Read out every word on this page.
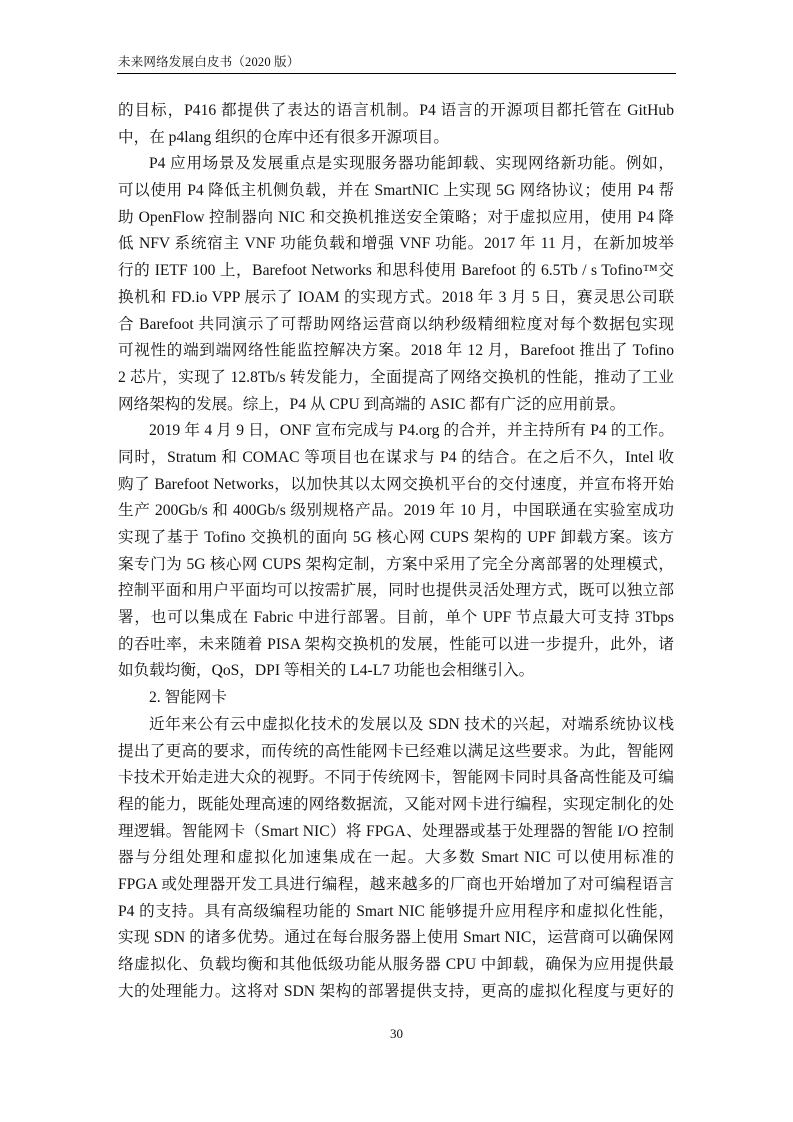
未来网络发展白皮书（2020 版）
的目标，P416 都提供了表达的语言机制。P4 语言的开源项目都托管在 GitHub
中，在 p4lang 组织的仓库中还有很多开源项目。
P4 应用场景及发展重点是实现服务器功能卸载、实现网络新功能。例如，
可以使用 P4 降低主机侧负载，并在 SmartNIC 上实现 5G 网络协议；使用 P4 帮
助 OpenFlow 控制器向 NIC 和交换机推送安全策略；对于虚拟应用，使用 P4 降
低 NFV 系统宿主 VNF 功能负载和增强 VNF 功能。2017 年 11 月，在新加坡举
行的 IETF 100 上，Barefoot Networks 和思科使用 Barefoot 的 6.5Tb / s Tofino™交
换机和 FD.io VPP 展示了 IOAM 的实现方式。2018 年 3 月 5 日，赛灵思公司联
合 Barefoot 共同演示了可帮助网络运营商以纳秒级精细粒度对每个数据包实现
可视性的端到端网络性能监控解决方案。2018 年 12 月，Barefoot 推出了 Tofino
2 芯片，实现了 12.8Tb/s 转发能力，全面提高了网络交换机的性能，推动了工业
网络架构的发展。综上，P4 从 CPU 到高端的 ASIC 都有广泛的应用前景。
2019 年 4 月 9 日，ONF 宣布完成与 P4.org 的合并，并主持所有 P4 的工作。
同时，Stratum 和 COMAC 等项目也在谋求与 P4 的结合。在之后不久，Intel 收
购了 Barefoot Networks，以加快其以太网交换机平台的交付速度，并宣布将开始
生产 200Gb/s 和 400Gb/s 级别规格产品。2019 年 10 月，中国联通在实验室成功
实现了基于 Tofino 交换机的面向 5G 核心网 CUPS 架构的 UPF 卸载方案。该方
案专门为 5G 核心网 CUPS 架构定制，方案中采用了完全分离部署的处理模式，
控制平面和用户平面均可以按需扩展，同时也提供灵活处理方式，既可以独立部
署，也可以集成在 Fabric 中进行部署。目前，单个 UPF 节点最大可支持 3Tbps
的吞吐率，未来随着 PISA 架构交换机的发展，性能可以进一步提升，此外，诸
如负载均衡，QoS，DPI 等相关的 L4-L7 功能也会相继引入。
2. 智能网卡
近年来公有云中虚拟化技术的发展以及 SDN 技术的兴起，对端系统协议栈
提出了更高的要求，而传统的高性能网卡已经难以满足这些要求。为此，智能网
卡技术开始走进大众的视野。不同于传统网卡，智能网卡同时具备高性能及可编
程的能力，既能处理高速的网络数据流，又能对网卡进行编程，实现定制化的处
理逻辑。智能网卡（Smart NIC）将 FPGA、处理器或基于处理器的智能 I/O 控制
器与分组处理和虚拟化加速集成在一起。大多数 Smart NIC 可以使用标准的
FPGA 或处理器开发工具进行编程，越来越多的厂商也开始增加了对可编程语言
P4 的支持。具有高级编程功能的 Smart NIC 能够提升应用程序和虚拟化性能，
实现 SDN 的诸多优势。通过在每台服务器上使用 Smart NIC，运营商可以确保网
络虚拟化、负载均衡和其他低级功能从服务器 CPU 中卸载，确保为应用提供最
大的处理能力。这将对 SDN 架构的部署提供支持，更高的虚拟化程度与更好的
30
